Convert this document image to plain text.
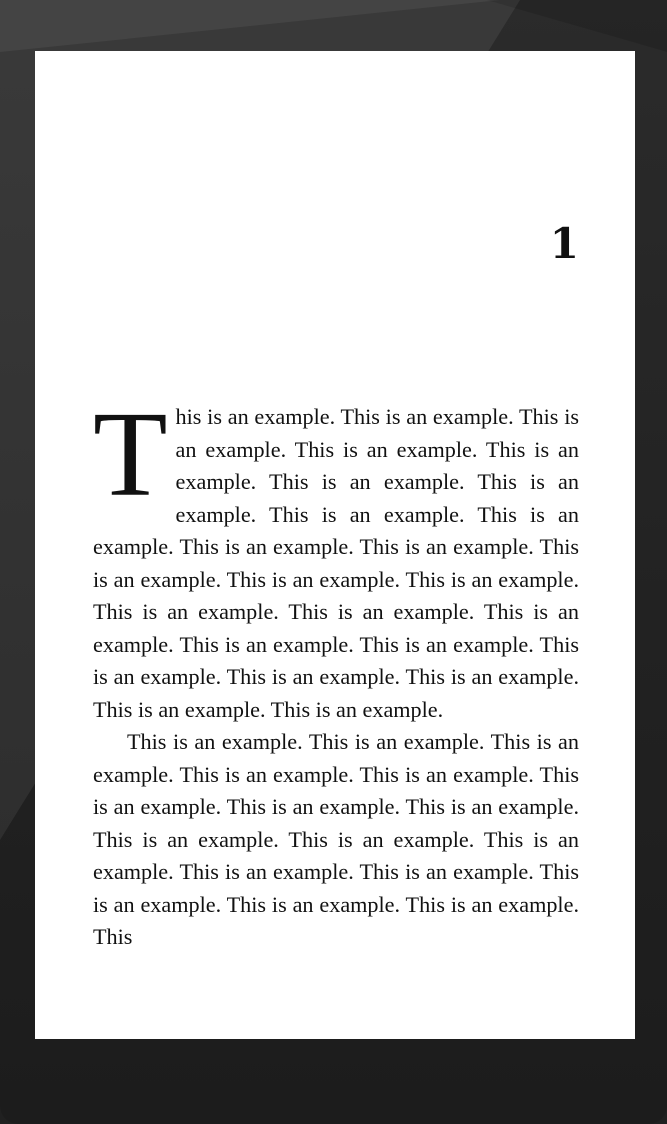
1

This is an example. This is an example. This is an example. This is an example. This is an example. This is an example. This is an example. This is an example. This is an example. This is an example. This is an example. This is an example. This is an example. This is an example. This is an example. This is an example. This is an example. This is an example. This is an example. This is an example. This is an example. This is an example. This is an example. This is an example.

This is an example. This is an example. This is an example. This is an example. This is an example. This is an example. This is an example. This is an example. This is an example. This is an example. This is an example. This is an example. This is an example. This is an example. This is an example. This is an example. This
